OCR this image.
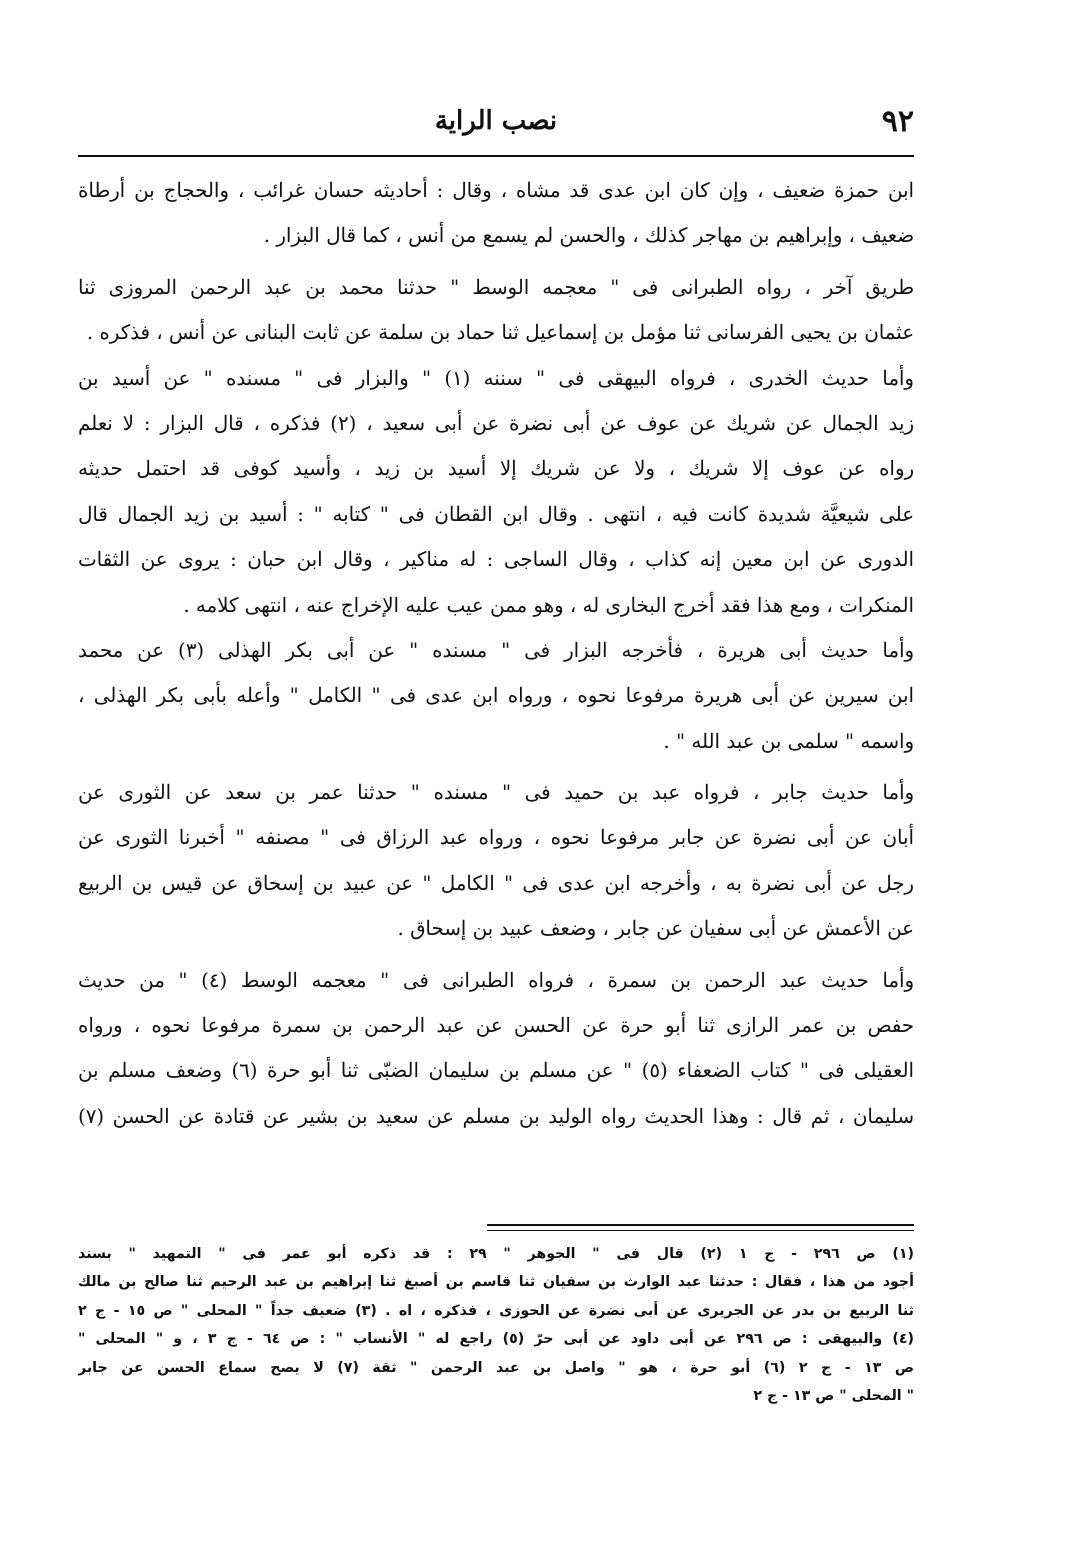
٩٢
نصب الراية
ابن حمزة ضعيف ، وإن كان ابن عدى قد مشاه ، وقال : أحاديثه حسان غرائب ، والحجاج بن أرطاة
ضعيف ، وإبراهيم بن مهاجر كذلك ، والحسن لم يسمع من أنس ، كما قال البزار .
طريق آخر ، رواه الطبرانى فى " معجمه الوسط " حدثنا محمد بن عبد الرحمن المروزى ثنا
عثمان بن يحيى الفرسانى ثنا مؤمل بن إسماعيل ثنا حماد بن سلمة عن ثابت البنانى عن أنس ، فذكره .
وأما حديث الخدرى ، فرواه البيهقى فى " سننه (١) " والبزار فى " مسنده " عن أسيد بن
زيد الجمال عن شريك عن عوف عن أبى نضرة عن أبى سعيد ، (٢) فذكره ، قال البزار : لا نعلم
رواه عن عوف إلا شريك ، ولا عن شريك إلا أسيد بن زيد ، وأسيد كوفى قد احتمل حديثه
على شيعيَّة شديدة كانت فيه ، انتهى . وقال ابن القطان فى " كتابه " : أسيد بن زيد الجمال قال
الدورى عن ابن معين إنه كذاب ، وقال الساجى : له مناكير ، وقال ابن حبان : يروى عن الثقات
المنكرات ، ومع هذا فقد أخرج البخارى له ، وهو ممن عيب عليه الإخراج عنه ، انتهى كلامه .
وأما حديث أبى هريرة ، فأخرجه البزار فى " مسنده " عن أبى بكر الهذلى (٣) عن محمد
ابن سيرين عن أبى هريرة مرفوعا نحوه ، ورواه ابن عدى فى " الكامل " وأعله بأبى بكر الهذلى ،
واسمه " سلمى بن عبد الله " .
وأما حديث جابر ، فرواه عبد بن حميد فى " مسنده " حدثنا عمر بن سعد عن الثورى عن
أبان عن أبى نضرة عن جابر مرفوعا نحوه ، ورواه عبد الرزاق فى " مصنفه " أخبرنا الثورى عن
رجل عن أبى نضرة به ، وأخرجه ابن عدى فى " الكامل " عن عبيد بن إسحاق عن قيس بن الربيع
عن الأعمش عن أبى سفيان عن جابر ، وضعف عبيد بن إسحاق .
وأما حديث عبد الرحمن بن سمرة ، فرواه الطبرانى فى " معجمه الوسط (٤) " من حديث
حفص بن عمر الرازى ثنا أبو حرة عن الحسن عن عبد الرحمن بن سمرة مرفوعا نحوه ، ورواه
العقيلى فى " كتاب الضعفاء (٥) " عن مسلم بن سليمان الضبّى ثنا أبو حرة (٦) وضعف مسلم بن
سليمان ، ثم قال : وهذا الحديث رواه الوليد بن مسلم عن سعيد بن بشير عن قتادة عن الحسن (٧)
(١) ص ٢٩٦ - ج ١ (٢) قال فى " الجوهر " ٢٩ : قد ذكره أبو عمر فى " التمهيد " بسند
أجود من هذا ، فقال : حدثنا عبد الوارث بن سفيان ثنا قاسم بن أصبغ ثنا إبراهيم بن عبد الرحيم ثنا صالح بن مالك
ثنا الربيع بن بدر عن الجريرى عن أبى نضرة عن الحوزى ، فذكره ، اه . (٣) ضعيف جداً " المحلى " ص ١٥ - ج ٢
(٤) والبيهقى : ص ٢٩٦ عن أبى داود عن أبى حرّ (٥) راجع له " الأنساب " : ص ٦٤ - ج ٣ ، و " المحلى "
ص ١٣ - ج ٢ (٦) أبو حرة ، هو " واصل بن عبد الرحمن " ثقة (٧) لا يصح سماع الحسن عن جابر
" المحلى " ص ١٣ - ج ٢
